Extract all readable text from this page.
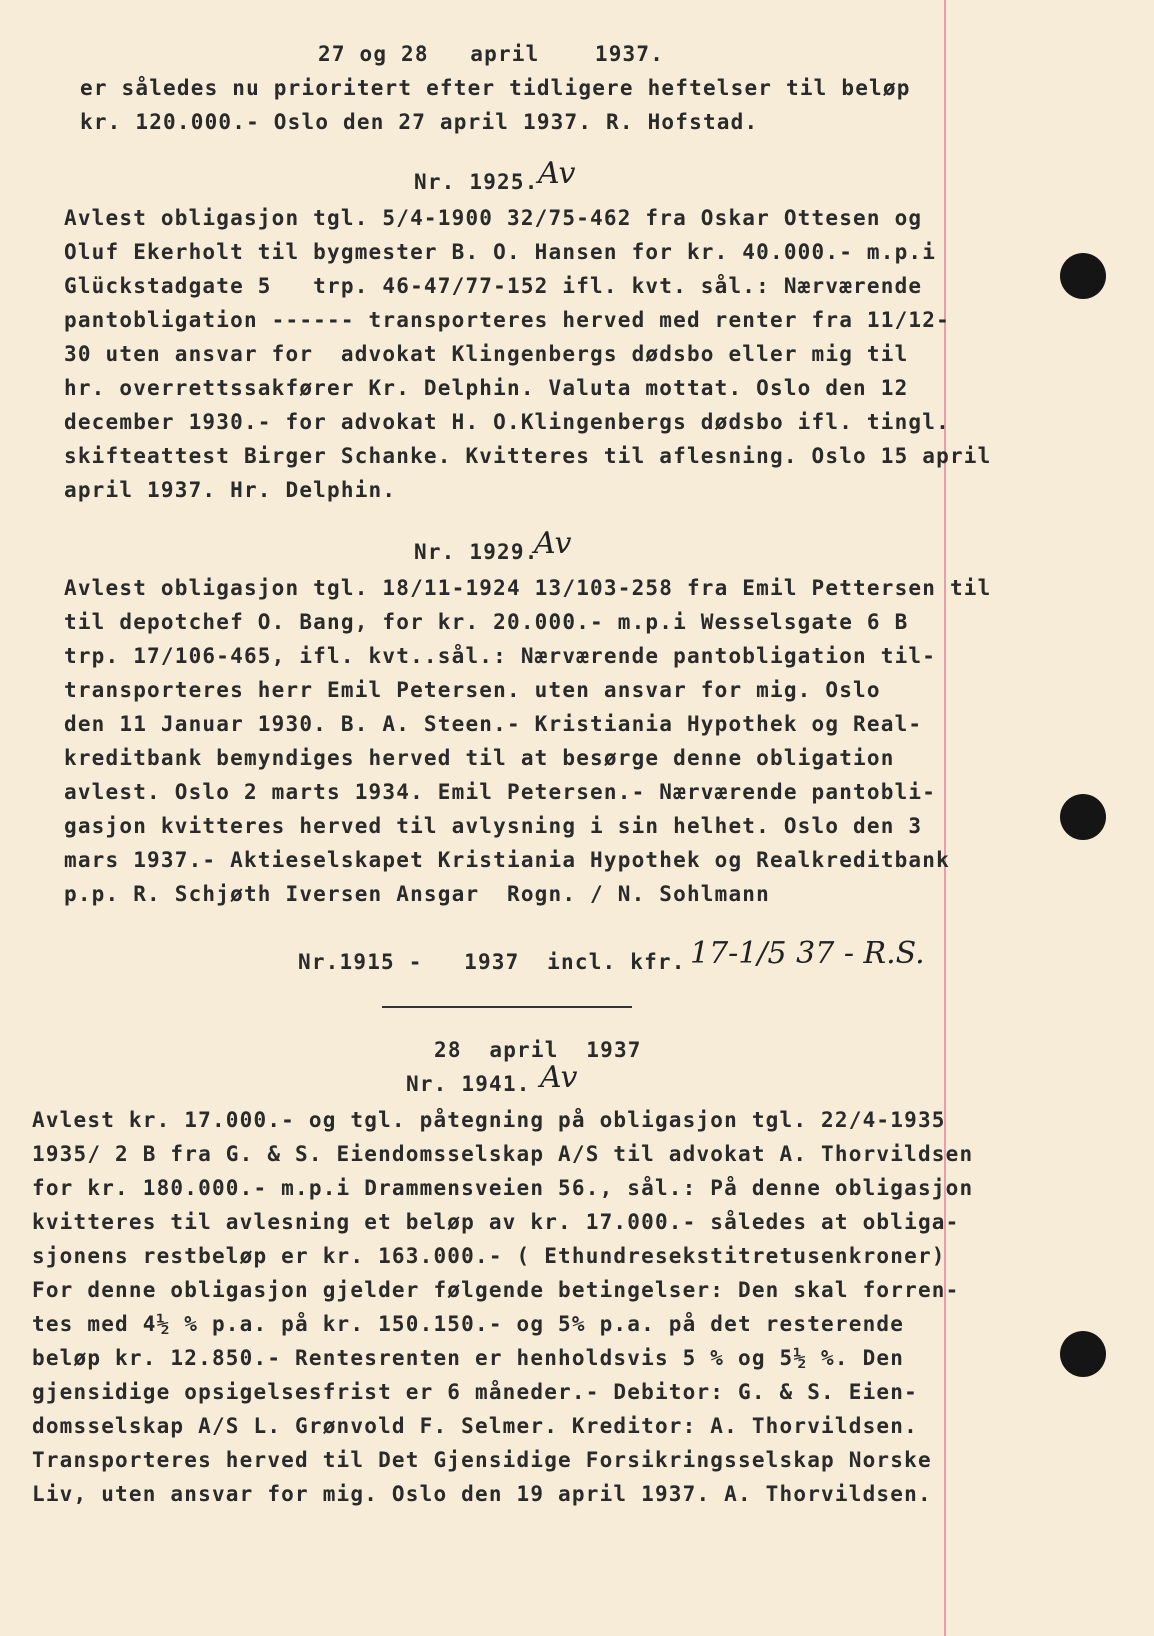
27 og 28   april    1937.
er således nu prioritert efter tidligere heftelser til beløp
kr. 120.000.- Oslo den 27 april 1937. R. Hofstad.
Nr. 1925. Av
Avlest obligasjon tgl. 5/4-1900 32/75-462 fra Oskar Ottesen og
Oluf Ekerholt til bygmester B. O. Hansen for kr. 40.000.- m.p.i
Glückstadgate 5   trp. 46-47/77-152 ifl. kvt. sål.: Nærværende
pantobligation ------ transporteres herved med renter fra 11/12-
30 uten ansvar for  advokat Klingenbergs dødsbo eller mig til
hr. overrettssakfører Kr. Delphin. Valuta mottat. Oslo den 12
december 1930.- for advokat H. O.Klingenbergs dødsbo ifl. tingl.
skifteattest Birger Schanke. Kvitteres til aflesning. Oslo 15 april
april 1937. Hr. Delphin.
Nr. 1929.
Av
Avlest obligasjon tgl. 18/11-1924 13/103-258 fra Emil Pettersen til
til depotchef O. Bang, for kr. 20.000.- m.p.i Wesselsgate 6 B
trp. 17/106-465, ifl. kvt..sål.: Nærværende pantobligation til-
transporteres herr Emil Petersen. uten ansvar for mig. Oslo
den 11 Januar 1930. B. A. Steen.- Kristiania Hypothek og Real-
kreditbank bemyndiges herved til at besørge denne obligation
avlest. Oslo 2 marts 1934. Emil Petersen.- Nærværende pantobli-
gasjon kvitteres herved til avlysning i sin helhet. Oslo den 3
mars 1937.- Aktieselskapet Kristiania Hypothek og Realkreditbank
p.p. R. Schjøth Iversen Ansgar  Rogn. / N. Sohlmann
Nr.1915 -   1937  incl. kfr. 17-1/5 37 - R.S.
28  april  1937
Nr. 1941. Av
Avlest kr. 17.000.- og tgl. påtegning på obligasjon tgl. 22/4-1935
1935/ 2 B fra G. & S. Eiendomsselskap A/S til advokat A. Thorvildsen
for kr. 180.000.- m.p.i Drammensveien 56., sål.: På denne obligasjon
kvitteres til avlesning et beløp av kr. 17.000.- således at obliga-
sjonens restbeløp er kr. 163.000.- ( Ethundresekstitretusenkroner)
For denne obligasjon gjelder følgende betingelser: Den skal forren-
tes med 4½ % p.a. på kr. 150.150.- og 5% p.a. på det resterende
beløp kr. 12.850.- Rentesrenten er henholdsvis 5 % og 5½ %. Den
gjensidige opsigelsesfrist er 6 måneder.- Debitor: G. & S. Eien-
domsselskap A/S L. Grønvold F. Selmer. Kreditor: A. Thorvildsen.
Transporteres herved til Det Gjensidige Forsikringsselskap Norske
Liv, uten ansvar for mig. Oslo den 19 april 1937. A. Thorvildsen.
